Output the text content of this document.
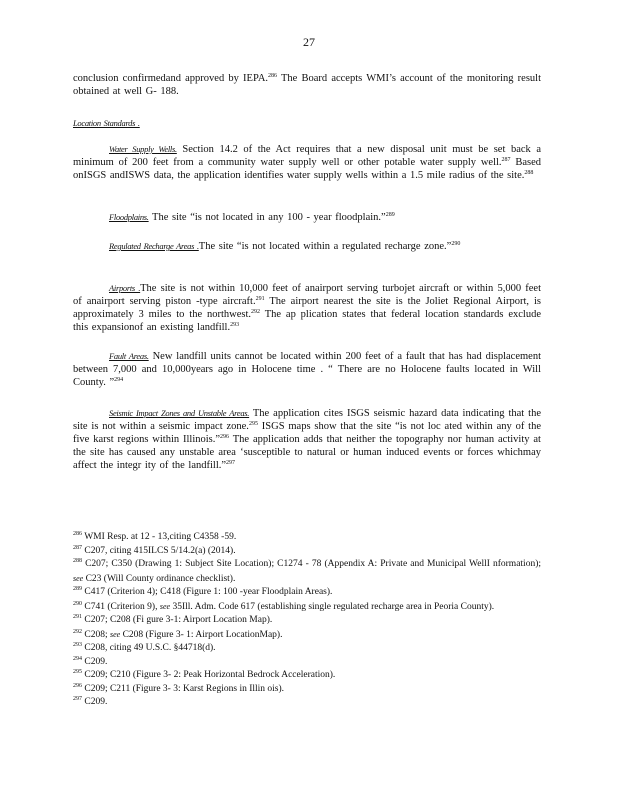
27
conclusion confirmedand approved by IEPA.$^{286}$ The Board accepts WMI’s account of the monitoring result obtained at well G- 188.
Location Standards .
Water Supply Wells. Section 14.2 of the Act requires that a new disposal unit must be set back a minimum of 200 feet from a community water supply well or other potable water supply well.$^{287}$ Based onISGS andISWS data, the application identifies water supply wells within a 1.5 mile radius of the site.$^{288}$
Floodplains. The site “is not located in any 100 - year floodplain.”$^{289}$
Regulated Recharge Areas .The site “is not located within a regulated recharge zone.”$^{290}$
Airports .The site is not within 10,000 feet of anairport serving turbojet aircraft or within 5,000 feet of anairport serving piston -type aircraft.$^{291}$ The airport nearest the site is the Joliet Regional Airport, is approximately 3 miles to the northwest.$^{292}$ The ap plication states that federal location standards exclude this expansionof an existing landfill.$^{293}$
Fault Areas. New landfill units cannot be located within 200 feet of a fault that has had displacement between 7,000 and 10,000years ago in Holocene time . “ There are no Holocene faults located in Will County. ”$^{294}$
Seismic Impact Zones and Unstable Areas. The application cites ISGS seismic hazard data indicating that the site is not within a seismic impact zone.$^{295}$ ISGS maps show that the site “is not loc ated within any of the five karst regions within Illinois.”$^{296}$ The application adds that neither the topography nor human activity at the site has caused any unstable area ‘susceptible to natural or human induced events or forces whichmay affect the integr ity of the landfill.”$^{297}$
$^{286}$ WMI Resp. at 12 - 13,citing C4358 -59.
$^{287}$ C207, citing 415ILCS 5/14.2(a) (2014).
$^{288}$ C207; C350 (Drawing 1: Subject Site Location); C1274 - 78 (Appendix A: Private and Municipal WellI nformation); see C23 (Will County ordinance checklist).
$^{289}$ C417 (Criterion 4); C418 (Figure 1: 100 -year Floodplain Areas).
$^{290}$ C741 (Criterion 9), see 35Ill. Adm. Code 617 (establishing single regulated recharge area in Peoria County).
$^{291}$ C207; C208 (Fi gure 3-1: Airport Location Map).
$^{292}$ C208; see C208 (Figure 3- 1: Airport LocationMap).
$^{293}$ C208, citing 49 U.S.C. §44718(d).
$^{294}$ C209.
$^{295}$ C209; C210 (Figure 3- 2: Peak Horizontal Bedrock Acceleration).
$^{296}$ C209; C211 (Figure 3- 3: Karst Regions in Illin ois).
$^{297}$ C209.
